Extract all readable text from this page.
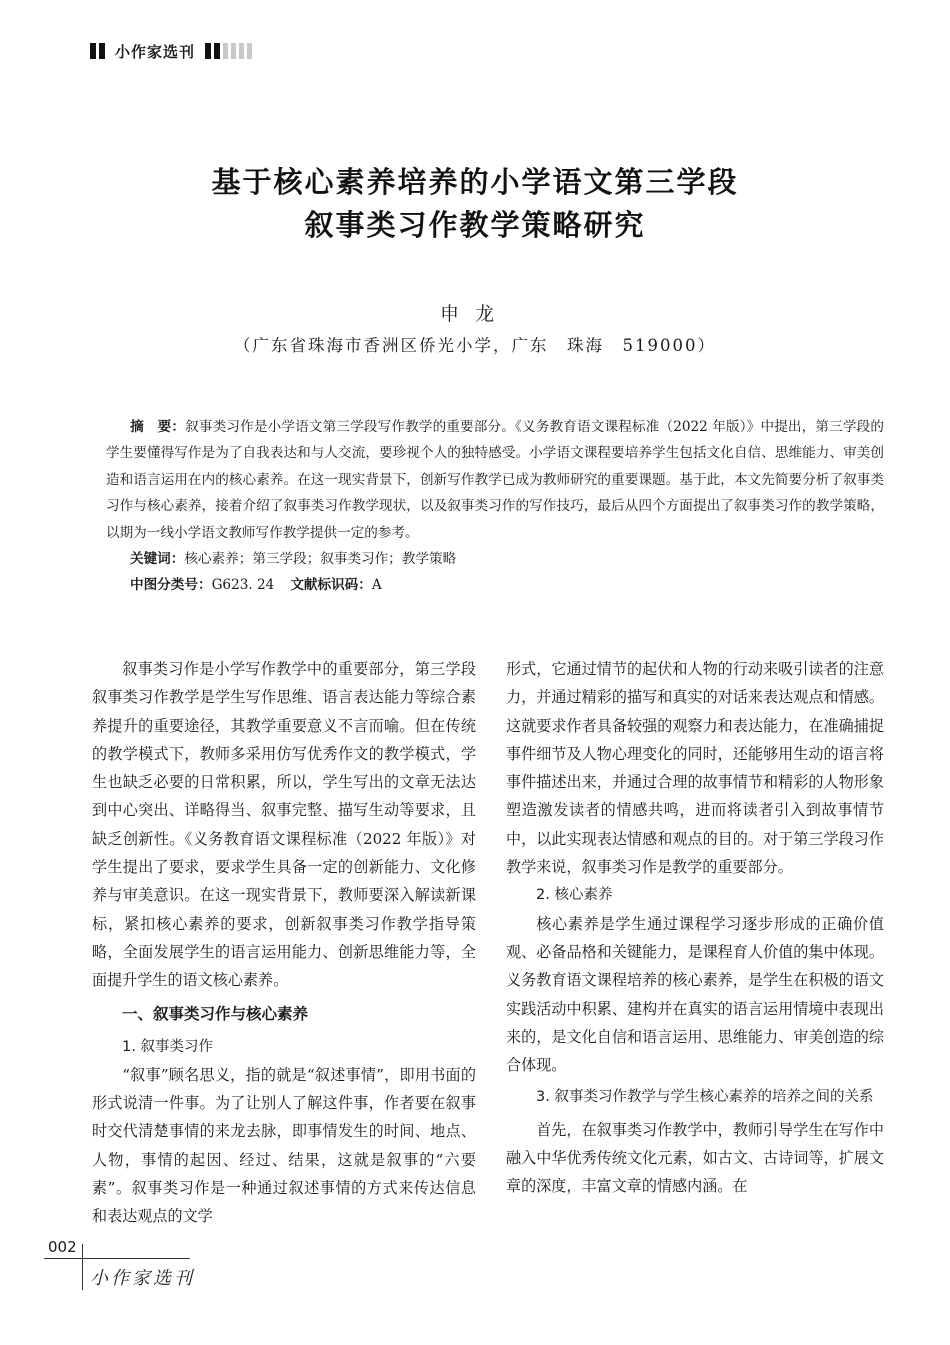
小作家选刊
基于核心素养培养的小学语文第三学段
叙事类习作教学策略研究
申龙
（广东省珠海市香洲区侨光小学，广东　珠海　519000）

摘　要：叙事类习作是小学语文第三学段写作教学的重要部分。《义务教育语文课程标准（2022 年版）》中提出，第三学段的学生要懂得写作是为了自我表达和与人交流，要珍视个人的独特感受。小学语文课程要培养学生包括文化自信、思维能力、审美创造和语言运用在内的核心素养。在这一现实背景下，创新写作教学已成为教师研究的重要课题。基于此，本文先简要分析了叙事类习作与核心素养，接着介绍了叙事类习作教学现状，以及叙事类习作的写作技巧，最后从四个方面提出了叙事类习作的教学策略，以期为一线小学语文教师写作教学提供一定的参考。

关键词：核心素养；第三学段；叙事类习作；教学策略

中图分类号：G623. 24 文献标识码：A

叙事类习作是小学写作教学中的重要部分，第三学段叙事类习作教学是学生写作思维、语言表达能力等综合素养提升的重要途径，其教学重要意义不言而喻。但在传统的教学模式下，教师多采用仿写优秀作文的教学模式，学生也缺乏必要的日常积累，所以，学生写出的文章无法达到中心突出、详略得当、叙事完整、描写生动等要求，且缺乏创新性。《义务教育语文课程标准（2022 年版）》对学生提出了要求，要求学生具备一定的创新能力、文化修养与审美意识。在这一现实背景下，教师要深入解读新课标，紧扣核心素养的要求，创新叙事类习作教学指导策略，全面发展学生的语言运用能力、创新思维能力等，全面提升学生的语文核心素养。

一、叙事类习作与核心素养
1. 叙事类习作

“叙事”顾名思义，指的就是“叙述事情”，即用书面的形式说清一件事。为了让别人了解这件事，作者要在叙事时交代清楚事情的来龙去脉，即事情发生的时间、地点、人物，事情的起因、经过、结果，这就是叙事的“六要素”。叙事类习作是一种通过叙述事情的方式来传达信息和表达观点的文学

形式，它通过情节的起伏和人物的行动来吸引读者的注意力，并通过精彩的描写和真实的对话来表达观点和情感。这就要求作者具备较强的观察力和表达能力，在准确捕捉事件细节及人物心理变化的同时，还能够用生动的语言将事件描述出来，并通过合理的故事情节和精彩的人物形象塑造激发读者的情感共鸣，进而将读者引入到故事情节中，以此实现表达情感和观点的目的。对于第三学段习作教学来说，叙事类习作是教学的重要部分。

2. 核心素养

核心素养是学生通过课程学习逐步形成的正确价值观、必备品格和关键能力，是课程育人价值的集中体现。义务教育语文课程培养的核心素养，是学生在积极的语文实践活动中积累、建构并在真实的语言运用情境中表现出来的，是文化自信和语言运用、思维能力、审美创造的综合体现。

3. 叙事类习作教学与学生核心素养的培养之间的关系

首先，在叙事类习作教学中，教师引导学生在写作中融入中华优秀传统文化元素，如古文、古诗词等，扩展文章的深度，丰富文章的情感内涵。在

002
小作家选刊
